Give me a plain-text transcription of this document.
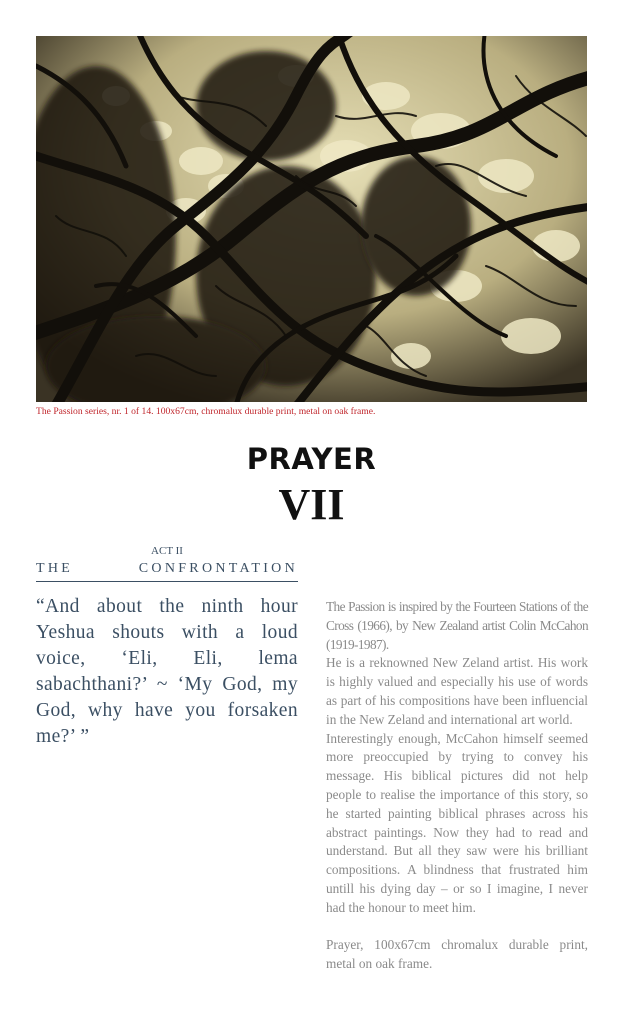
The Passion series, nr. 1 of 14. 100x67cm, chromalux durable print, metal on oak frame.
PRAYER
VII
ACT II
THE	CONFRONTATION
“And about the ninth hour Yeshua shouts with a loud voice, ‘Eli, Eli, lema sabachthani?’ ~ ‘My God, my God, why have you forsaken me?’ ”

The Passion is inspired by the Fourteen Stations of the Cross (1966), by New Zealand artist Colin McCahon (1919-1987).

He is a reknowned New Zeland artist. His work is highly valued and especially his use of words as part of his compositions have been influencial in the New Zeland and international art world.

Interestingly enough, McCahon himself seemed more preoccupied by trying to convey his message. His biblical pictures did not help people to realise the importance of this story, so he started painting biblical phrases across his abstract paintings. Now they had to read and understand. But all they saw were his brilliant compositions. A blindness that frustrated him untill his dying day – or so I imagine, I never had the honour to meet him.

Prayer, 100x67cm chromalux durable print, metal on oak frame.
